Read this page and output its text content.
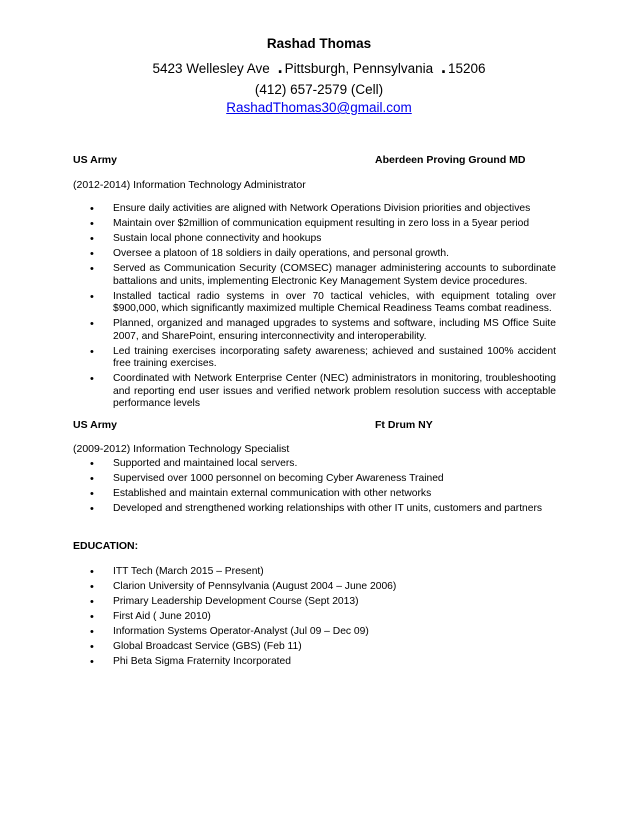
Rashad Thomas
5423 Wellesley Ave . Pittsburgh, Pennsylvania . 15206
(412) 657-2579 (Cell)
RashadThomas30@gmail.com
US Army	Aberdeen Proving Ground MD
(2012-2014) Information Technology Administrator
• Ensure daily activities are aligned with Network Operations Division priorities and objectives
• Maintain over $2million of communication equipment resulting in zero loss in a 5year period
• Sustain local phone connectivity and hookups
• Oversee a platoon of 18 soldiers in daily operations, and personal growth.
• Served as Communication Security (COMSEC) manager administering accounts to subordinate battalions and units, implementing Electronic Key Management System device procedures.
• Installed tactical radio systems in over 70 tactical vehicles, with equipment totaling over $900,000, which significantly maximized multiple Chemical Readiness Teams combat readiness.
• Planned, organized and managed upgrades to systems and software, including MS Office Suite 2007, and SharePoint, ensuring interconnectivity and interoperability.
• Led training exercises incorporating safety awareness; achieved and sustained 100% accident free training exercises.
• Coordinated with Network Enterprise Center (NEC) administrators in monitoring, troubleshooting and reporting end user issues and verified network problem resolution success with acceptable performance levels
US Army	Ft Drum NY
(2009-2012) Information Technology Specialist
• Supported and maintained local servers.
• Supervised over 1000 personnel on becoming Cyber Awareness Trained
• Established and maintain external communication with other networks
• Developed and strengthened working relationships with other IT units, customers and partners
EDUCATION:
• ITT Tech (March 2015 – Present)
• Clarion University of Pennsylvania (August 2004 – June 2006)
• Primary Leadership Development Course (Sept 2013)
• First Aid ( June 2010)
• Information Systems Operator-Analyst (Jul 09 – Dec 09)
• Global Broadcast Service (GBS) (Feb 11)
• Phi Beta Sigma Fraternity Incorporated
